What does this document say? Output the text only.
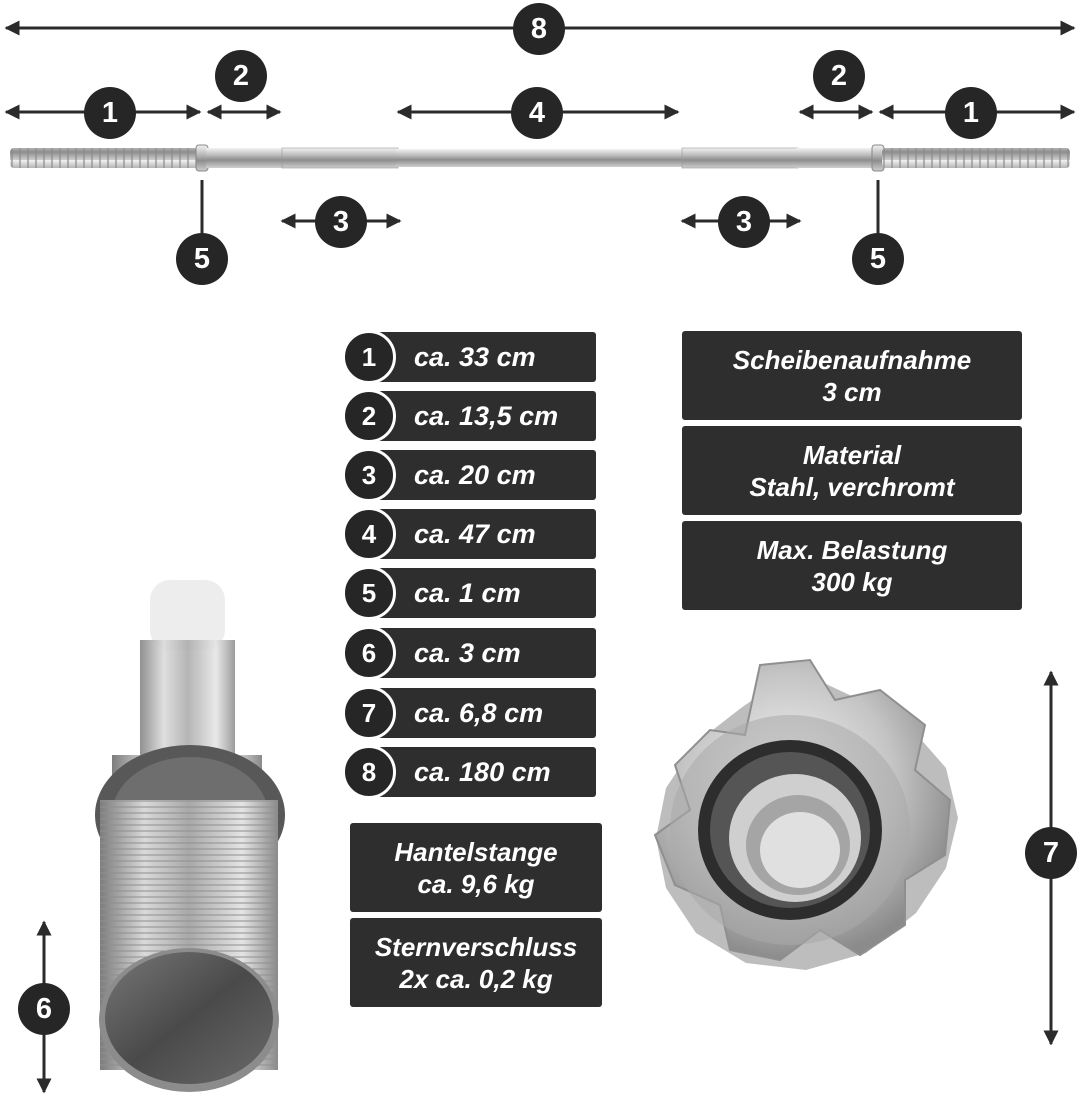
8
1
2
4
2
1
3	3
5	5
6
7
1	ca. 33 cm
2	ca. 13,5 cm
3	ca. 20 cm
4	ca. 47 cm
5	ca. 1 cm
6	ca. 3 cm
7	ca. 6,8 cm
8	ca. 180 cm
Scheibenaufnahme
3 cm
Material
Stahl, verchromt
Max. Belastung
300 kg
Hantelstange
ca. 9,6 kg
Sternverschluss
2x ca. 0,2 kg
